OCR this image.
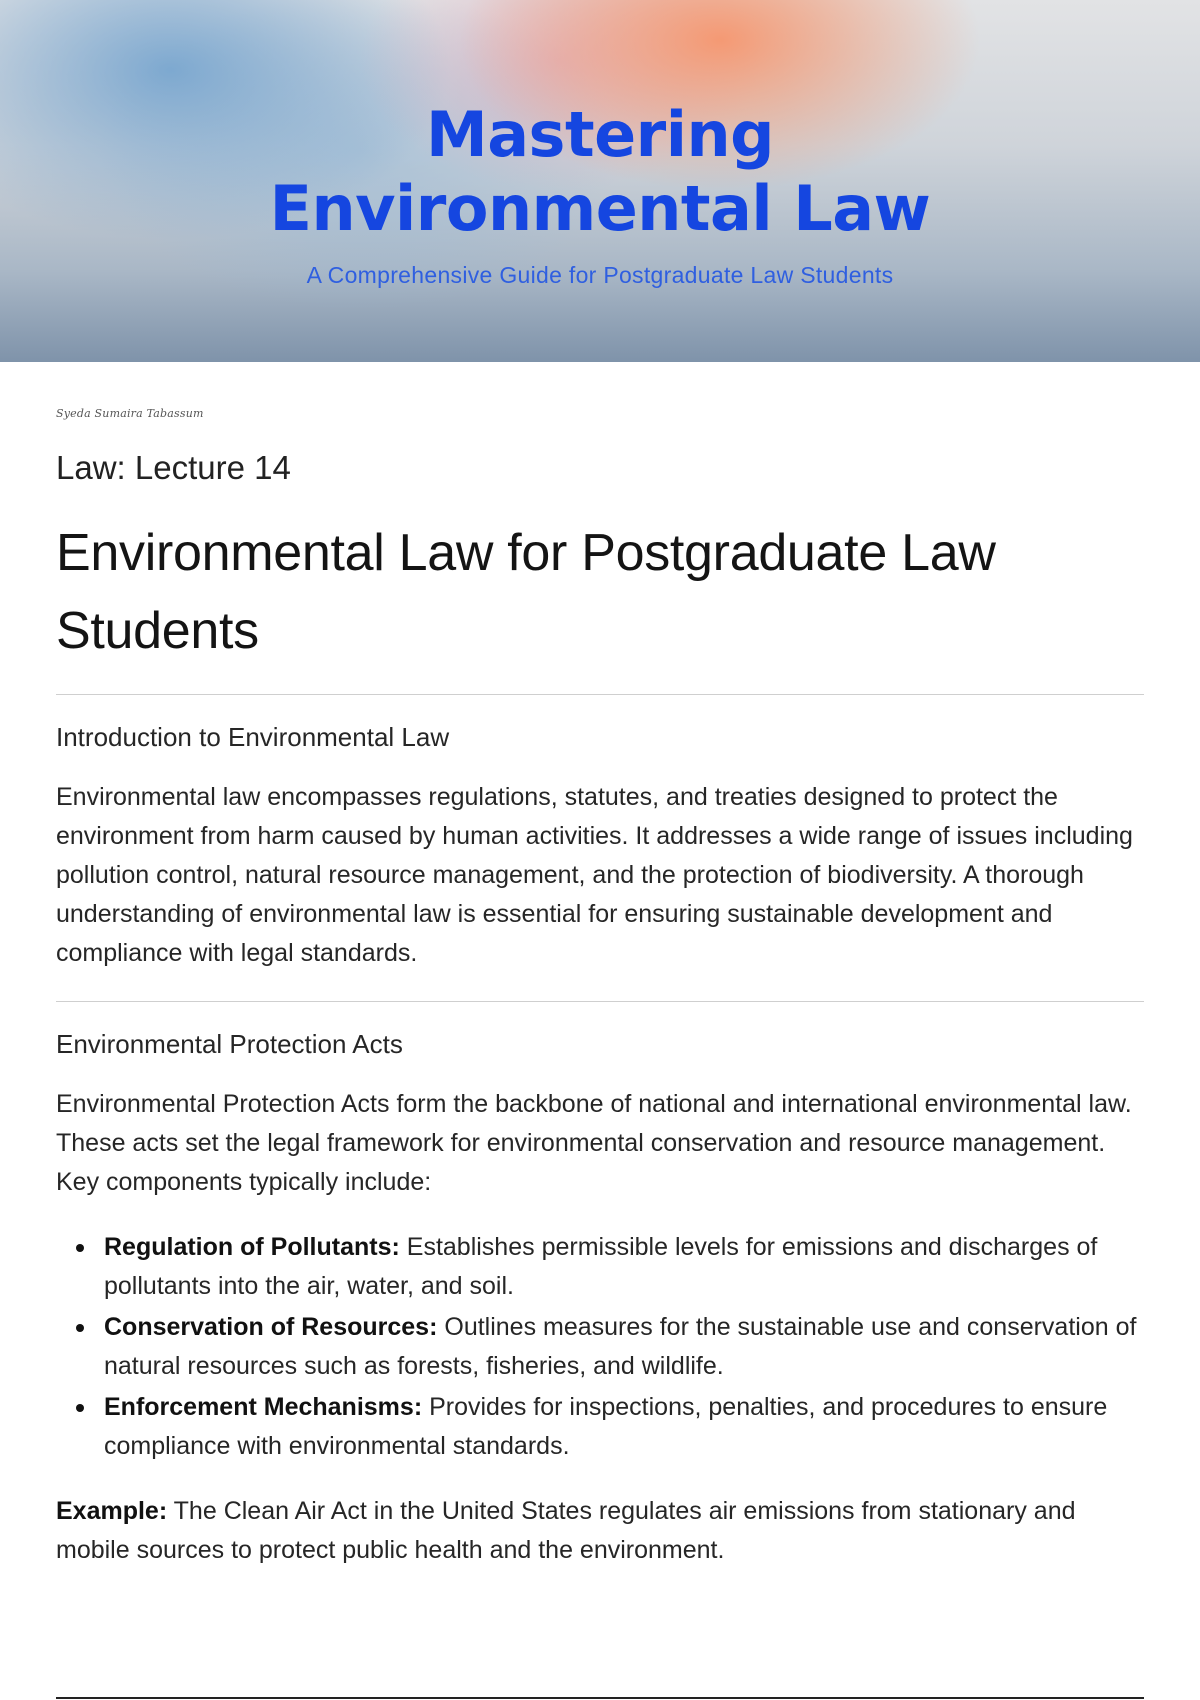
Mastering
Environmental Law
A Comprehensive Guide for Postgraduate Law Students
Syeda Sumaira Tabassum
Law: Lecture 14
Environmental Law for Postgraduate Law Students
Introduction to Environmental Law

Environmental law encompasses regulations, statutes, and treaties designed to protect the environment from harm caused by human activities. It addresses a wide range of issues including pollution control, natural resource management, and the protection of biodiversity. A thorough understanding of environmental law is essential for ensuring sustainable development and compliance with legal standards.

Environmental Protection Acts

Environmental Protection Acts form the backbone of national and international environmental law. These acts set the legal framework for environmental conservation and resource management. Key components typically include:

Regulation of Pollutants: Establishes permissible levels for emissions and discharges of pollutants into the air, water, and soil.
Conservation of Resources: Outlines measures for the sustainable use and conservation of natural resources such as forests, fisheries, and wildlife.
Enforcement Mechanisms: Provides for inspections, penalties, and procedures to ensure compliance with environmental standards.

Example: The Clean Air Act in the United States regulates air emissions from stationary and mobile sources to protect public health and the environment.
